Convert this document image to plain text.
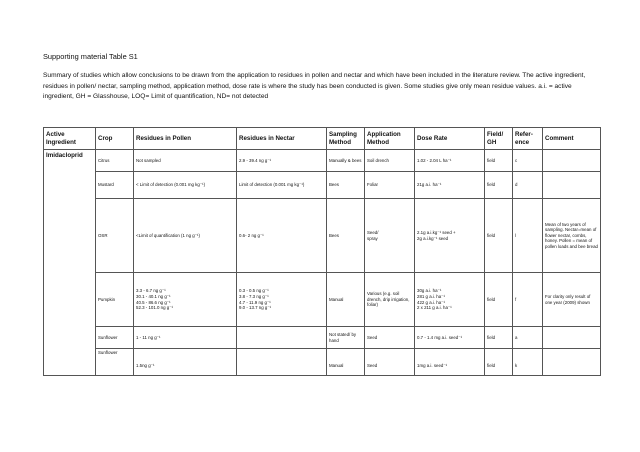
Supporting material Table S1

Summary of studies which allow conclusions to be drawn from the application to residues in pollen and nectar and which have been included in the literature review. The active ingredient, residues in pollen/ nectar, sampling method, application method, dose rate is where the study has been conducted is given. Some studies give only mean residue values. a.i. = active ingredient, GH = Glasshouse, LOQ= Limit of quantification, ND= not detected

Active Ingredient	Crop	Residues in Pollen	Residues in Nectar	Sampling Method	Application Method	Dose Rate	Field/ GH	Refer-ence	Comment
Imidacloprid	Citrus	Not sampled	2.9 - 39.4 ng g⁻¹	Manually & bees	Soil drench	1.02 - 2.04 L ha⁻¹	field	c	
	Mustard	< Limit of detection (0.001 mg kg⁻¹)	Limit of detection (0.001 mg kg⁻¹)	Bees	Foliar	21g a.i. ha⁻¹	field	d	
	OSR	<Limit of quantification (1 ng g⁻¹)	0.6- 2 ng g⁻¹	Bees	Seed/
spray	2.1g a.i.kg⁻¹ seed +
2g a.i.kg⁻¹ seed	field	l	Mean of two years of sampling. Nectar=mean of flower nectar, combs, honey. Pollen = mean of pollen loads and bee bread
	Pumpkin	3.3 - 6.7 ng g⁻¹
30.1 - 40.1 ng g⁻¹
40.5 - 86.6 ng g⁻¹
52.3 - 101.0 ng g⁻¹	0.3 - 0.5 ng g⁻¹
3.8 - 7.3 ng g⁻¹
4.7 - 11.9 ng g⁻¹
9.0 - 13.7 ng g⁻¹	Manual	Various (e.g. soil drench, drip irrigation, foliar)	30g a.i. ha⁻¹
281 g a.i. ha⁻¹
422 g a.i. ha⁻¹
2 x 211 g a.i. ha⁻¹	field	f	For clarity only result of one year (2009) shown
	Sunflower	1 - 11 ng g⁻¹		Not stated/ by hand	Seed	0.7 - 1.4 mg a.i. seed⁻¹	field	a	

	Sunflower	1.5ng g⁻¹		Manual	Seed	1mg a.i. seed⁻¹	field	k	
